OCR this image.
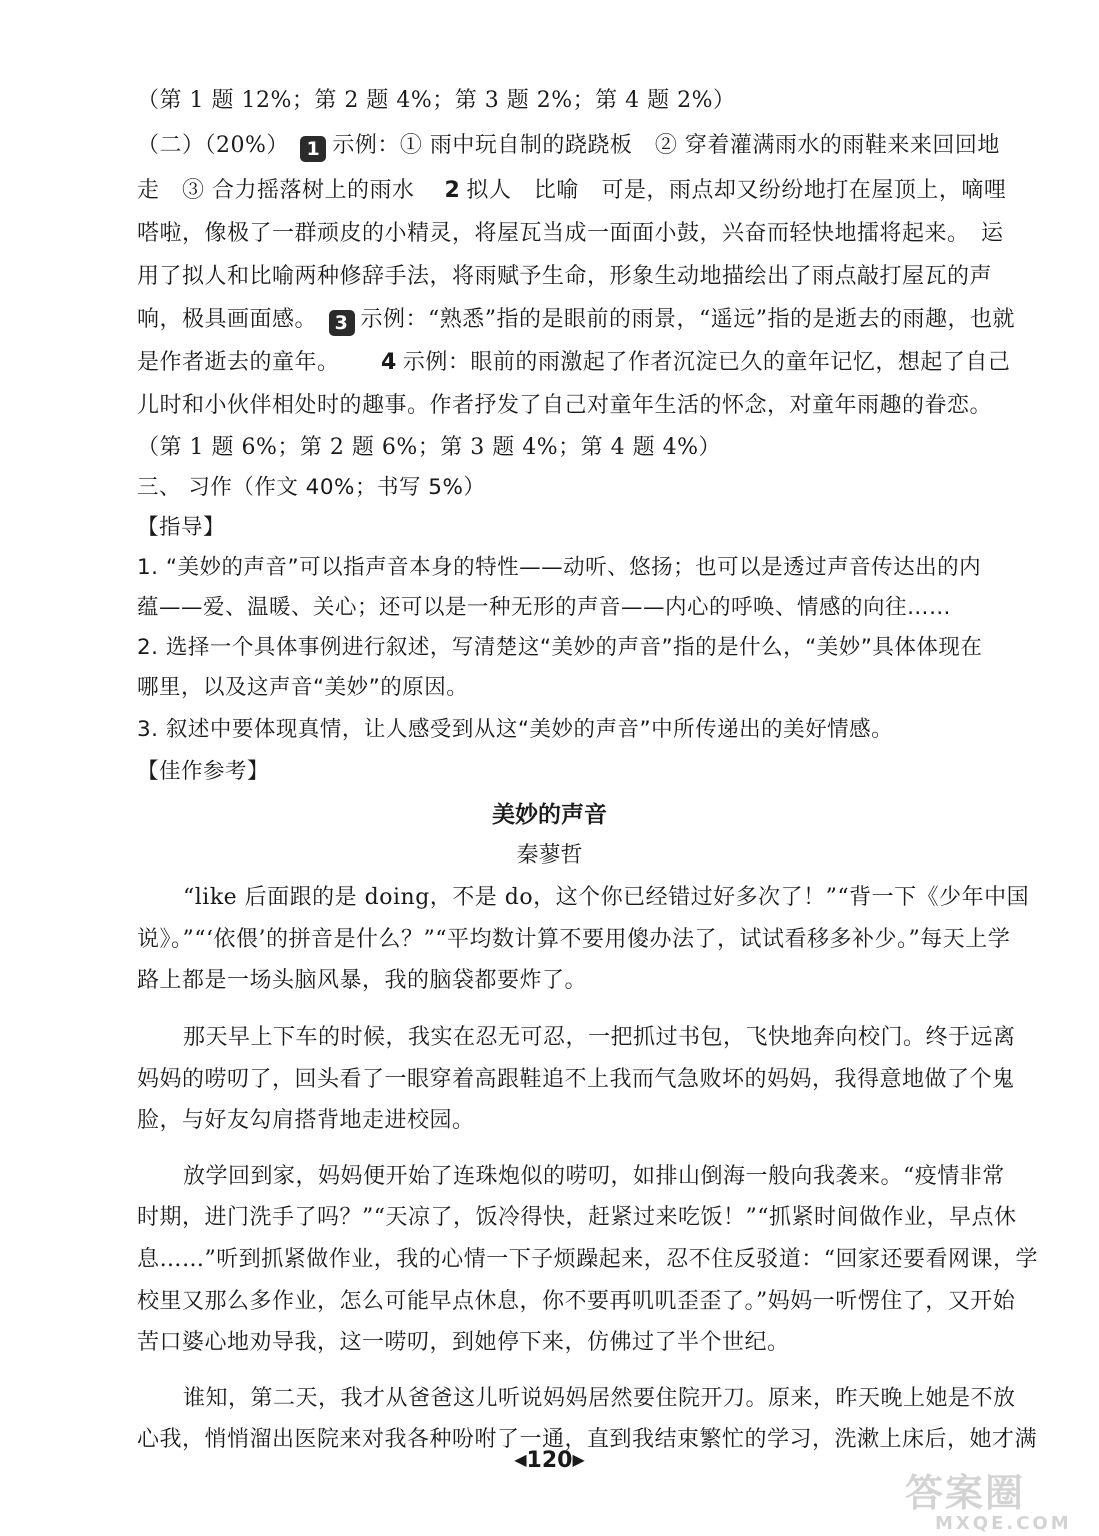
（第 1 题 12%；第 2 题 4%；第 3 题 2%；第 4 题 2%）
（二）（20%） 1 示例：① 雨中玩自制的跷跷板　② 穿着灌满雨水的雨鞋来来回回地
走　③ 合力摇落树上的雨水　 2 拟人　比喻　可是，雨点却又纷纷地打在屋顶上，嘀哩
嗒啦，像极了一群顽皮的小精灵，将屋瓦当成一面面小鼓，兴奋而轻快地擂将起来。　运
用了拟人和比喻两种修辞手法，将雨赋予生命，形象生动地描绘出了雨点敲打屋瓦的声
响，极具画面感。 3 示例：“熟悉”指的是眼前的雨景，“遥远”指的是逝去的雨趣，也就
是作者逝去的童年。　　 4 示例：眼前的雨激起了作者沉淀已久的童年记忆，想起了自己
儿时和小伙伴相处时的趣事。作者抒发了自己对童年生活的怀念，对童年雨趣的眷恋。
（第 1 题 6%；第 2 题 6%；第 3 题 4%；第 4 题 4%）
三、 习作（作文 40%；书写 5%）
【指导】
1. “美妙的声音”可以指声音本身的特性——动听、悠扬；也可以是透过声音传达出的内
蕴——爱、温暖、关心；还可以是一种无形的声音——内心的呼唤、情感的向往……
2. 选择一个具体事例进行叙述，写清楚这“美妙的声音”指的是什么，“美妙”具体体现在
哪里，以及这声音“美妙”的原因。
3. 叙述中要体现真情，让人感受到从这“美妙的声音”中所传递出的美好情感。
【佳作参考】
美妙的声音
秦蓼哲
“like 后面跟的是 doing，不是 do，这个你已经错过好多次了！”“背一下《少年中国
说》。”“‘依偎’的拼音是什么？”“平均数计算不要用傻办法了，试试看移多补少。”每天上学
路上都是一场头脑风暴，我的脑袋都要炸了。
那天早上下车的时候，我实在忍无可忍，一把抓过书包，飞快地奔向校门。终于远离
妈妈的唠叨了，回头看了一眼穿着高跟鞋追不上我而气急败坏的妈妈，我得意地做了个鬼
脸，与好友勾肩搭背地走进校园。
放学回到家，妈妈便开始了连珠炮似的唠叨，如排山倒海一般向我袭来。“疫情非常
时期，进门洗手了吗？”“天凉了，饭冷得快，赶紧过来吃饭！”“抓紧时间做作业，早点休
息……”听到抓紧做作业，我的心情一下子烦躁起来，忍不住反驳道：“回家还要看网课，学
校里又那么多作业，怎么可能早点休息，你不要再叽叽歪歪了。”妈妈一听愣住了，又开始
苦口婆心地劝导我，这一唠叨，到她停下来，仿佛过了半个世纪。
谁知，第二天，我才从爸爸这儿听说妈妈居然要住院开刀。原来，昨天晚上她是不放
心我，悄悄溜出医院来对我各种吩咐了一通，直到我结束繁忙的学习，洗漱上床后，她才满
◀120▶
答案圈
MXQE.COM
